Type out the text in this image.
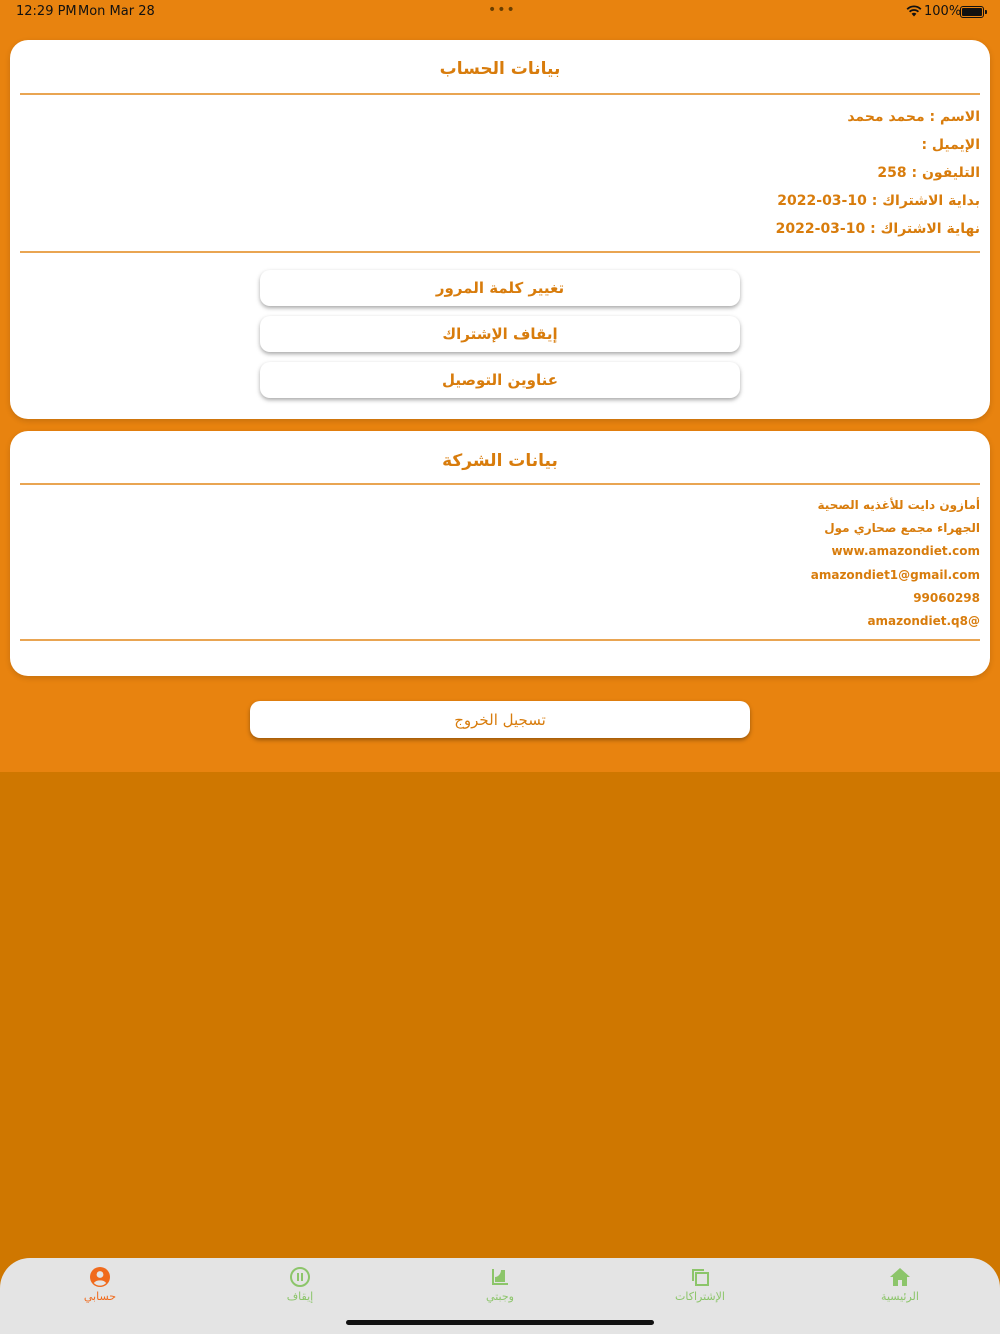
12:29 PM Mon Mar 28	•••	100%
بيانات الحساب
الاسم : محمد محمد
الإيميل :
التليفون : 258
بداية الاشتراك : 10-03-2022
نهاية الاشتراك : 10-03-2022
تغيير كلمة المرور
إيقاف الإشتراك
عناوين التوصيل
بيانات الشركة
أمازون دايت للأغذيه الصحية
الجهراء مجمع صحاري مول
www.amazondiet.com
amazondiet1@gmail.com
99060298
@amazondiet.q8
تسجيل الخروج
حسابي	إيقاف	وجبتي	الإشتراكات	الرئيسية
